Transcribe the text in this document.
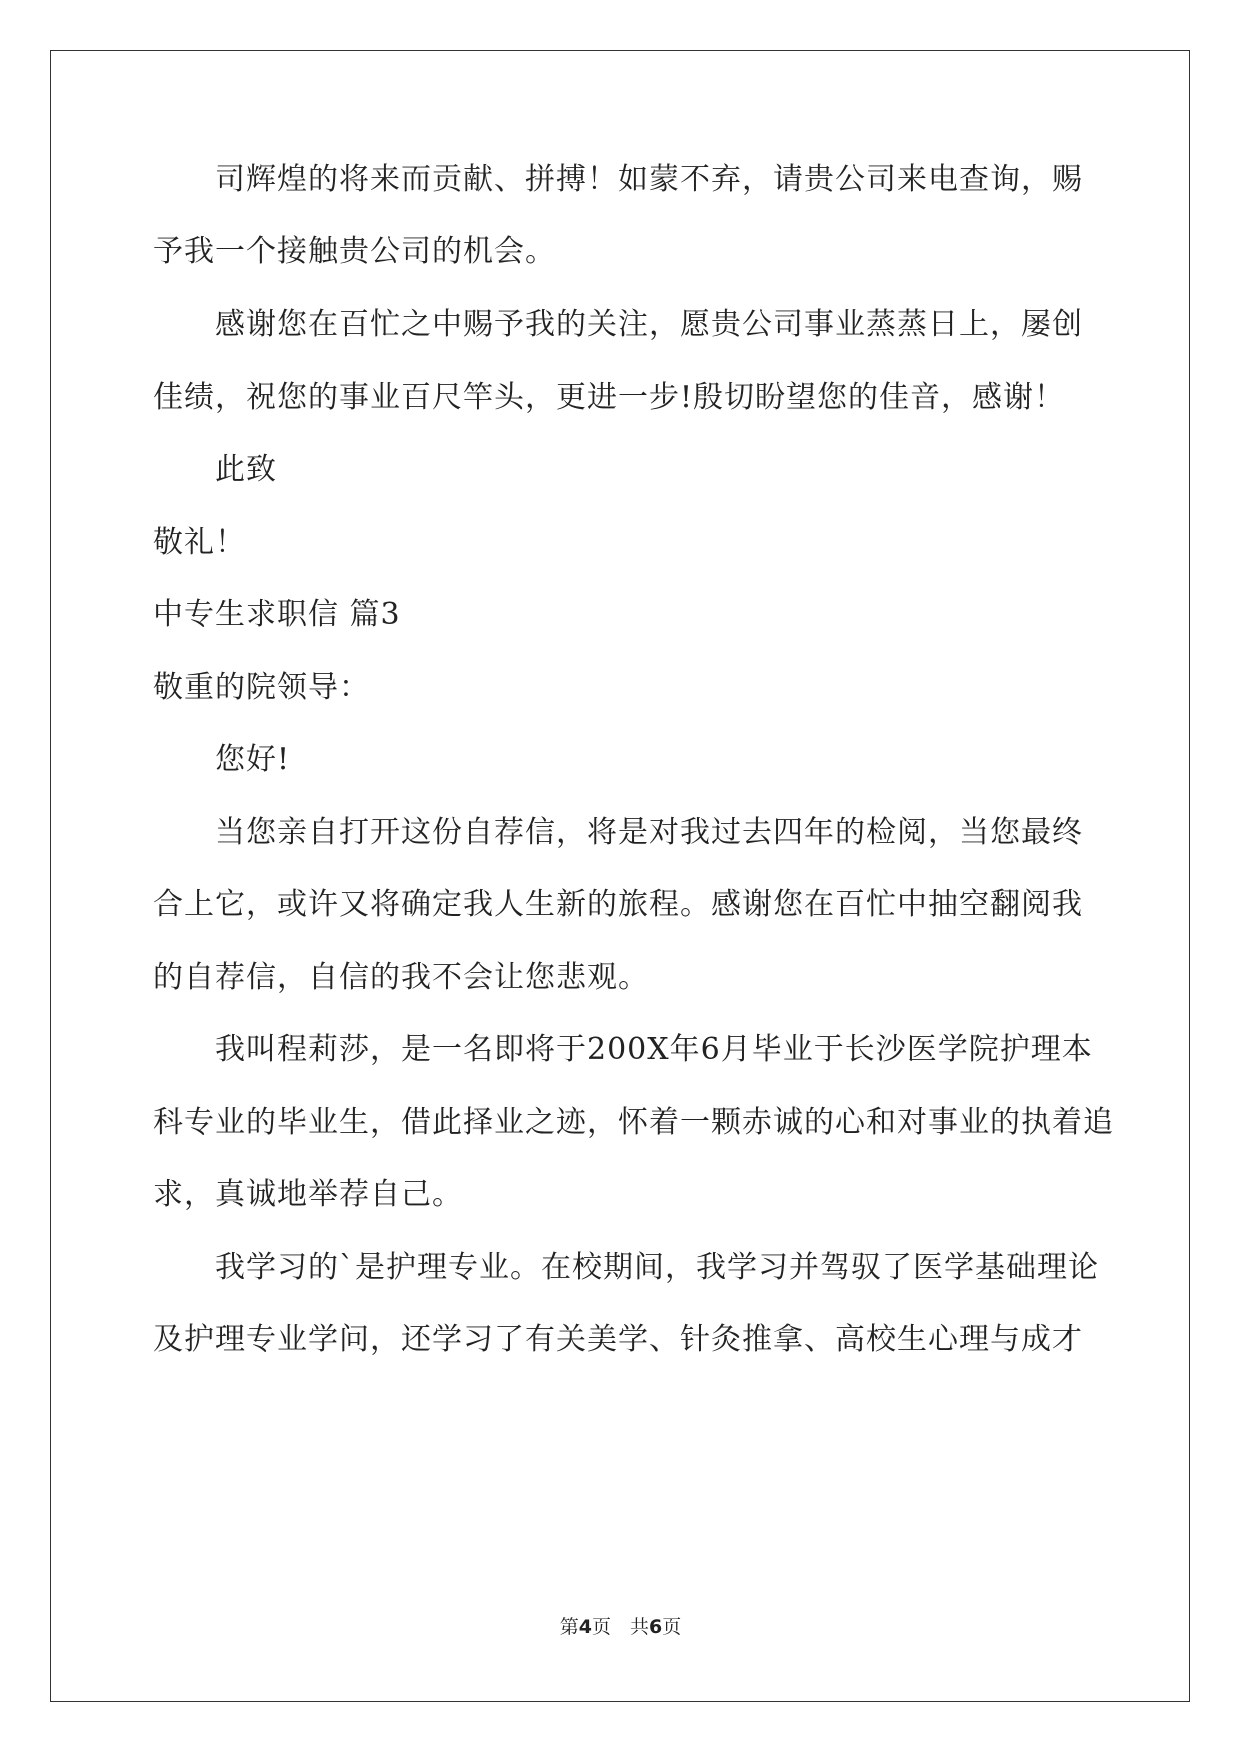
司辉煌的将来而贡献、拼搏！如蒙不弃，请贵公司来电查询，赐
予我一个接触贵公司的机会。
感谢您在百忙之中赐予我的关注，愿贵公司事业蒸蒸日上，屡创
佳绩，祝您的事业百尺竿头，更进一步!殷切盼望您的佳音，感谢！
此致
敬礼！
中专生求职信 篇3
敬重的院领导：
您好!
当您亲自打开这份自荐信，将是对我过去四年的检阅，当您最终
合上它，或许又将确定我人生新的旅程。感谢您在百忙中抽空翻阅我
的自荐信，自信的我不会让您悲观。
我叫程莉莎，是一名即将于200X年6月毕业于长沙医学院护理本
科专业的毕业生，借此择业之迹，怀着一颗赤诚的心和对事业的执着追
求，真诚地举荐自己。
我学习的`是护理专业。在校期间，我学习并驾驭了医学基础理论
及护理专业学问，还学习了有关美学、针灸推拿、高校生心理与成才
第4页　共6页
